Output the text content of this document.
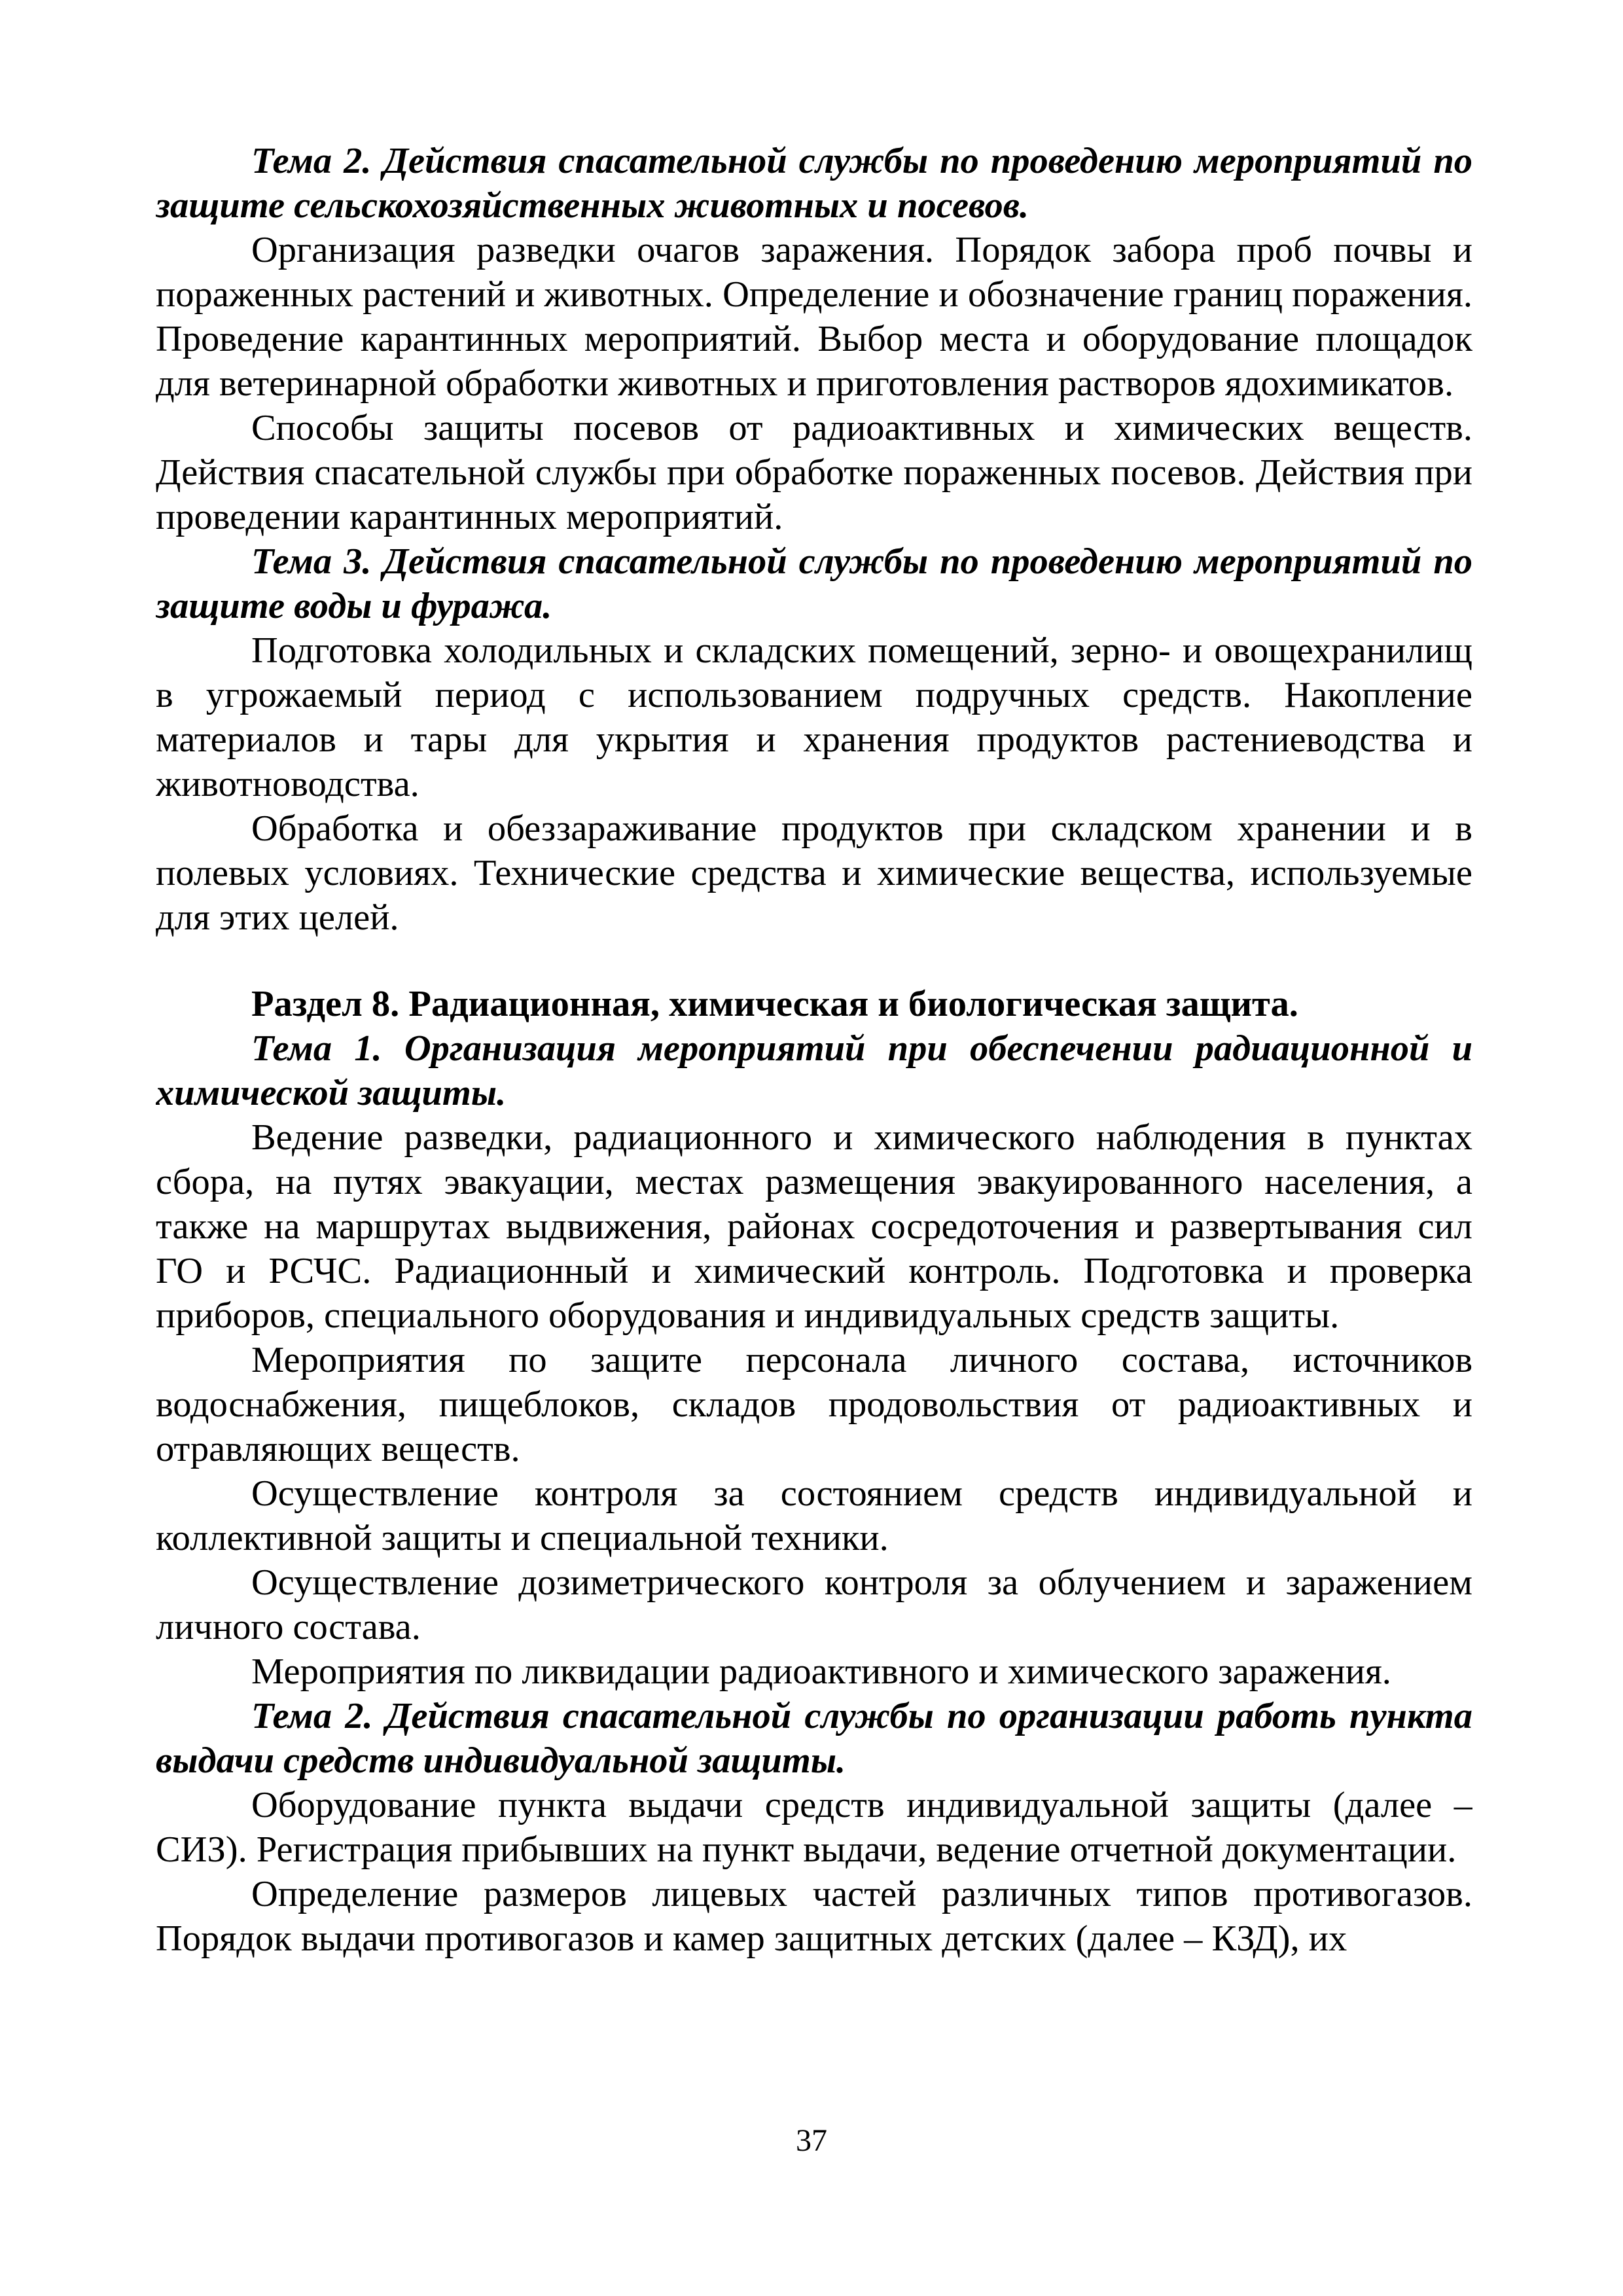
Тема 2. Действия спасательной службы по проведению мероприятий по защите сельскохозяйственных животных и посевов.

Организация разведки очагов заражения. Порядок забора проб почвы и пораженных растений и животных. Определение и обозначение границ поражения. Проведение карантинных мероприятий. Выбор места и оборудование площадок для ветеринарной обработки животных и приготовления растворов ядохимикатов.

Способы защиты посевов от радиоактивных и химических веществ. Действия спасательной службы при обработке пораженных посевов. Действия при проведении карантинных мероприятий.

Тема 3. Действия спасательной службы по проведению мероприятий по защите воды и фуража.

Подготовка холодильных и складских помещений, зерно- и овощехранилищ в угрожаемый период с использованием подручных средств. Накопление материалов и тары для укрытия и хранения продуктов растениеводства и животноводства.

Обработка и обеззараживание продуктов при складском хранении и в полевых условиях. Технические средства и химические вещества, используемые для этих целей.

Раздел 8. Радиационная, химическая и биологическая защита.

Тема 1. Организация мероприятий при обеспечении радиационной и химической защиты.

Ведение разведки, радиационного и химического наблюдения в пунктах сбора, на путях эвакуации, местах размещения эвакуированного населения, а также на маршрутах выдвижения, районах сосредоточения и развертывания сил ГО и РСЧС. Радиационный и химический контроль. Подготовка и проверка приборов, специального оборудования и индивидуальных средств защиты.

Мероприятия по защите персонала личного состава, источников водоснабжения, пищеблоков, складов продовольствия от радиоактивных и отравляющих веществ.

Осуществление контроля за состоянием средств индивидуальной и коллективной защиты и специальной техники.

Осуществление дозиметрического контроля за облучением и заражением личного состава.

Мероприятия по ликвидации радиоактивного и химического заражения.

Тема 2. Действия спасательной службы по организации работь пункта выдачи средств индивидуальной защиты.

Оборудование пункта выдачи средств индивидуальной защиты (далее – СИЗ). Регистрация прибывших на пункт выдачи, ведение отчетной документации.

Определение размеров лицевых частей различных типов противогазов. Порядок выдачи противогазов и камер защитных детских (далее – КЗД), их

37
